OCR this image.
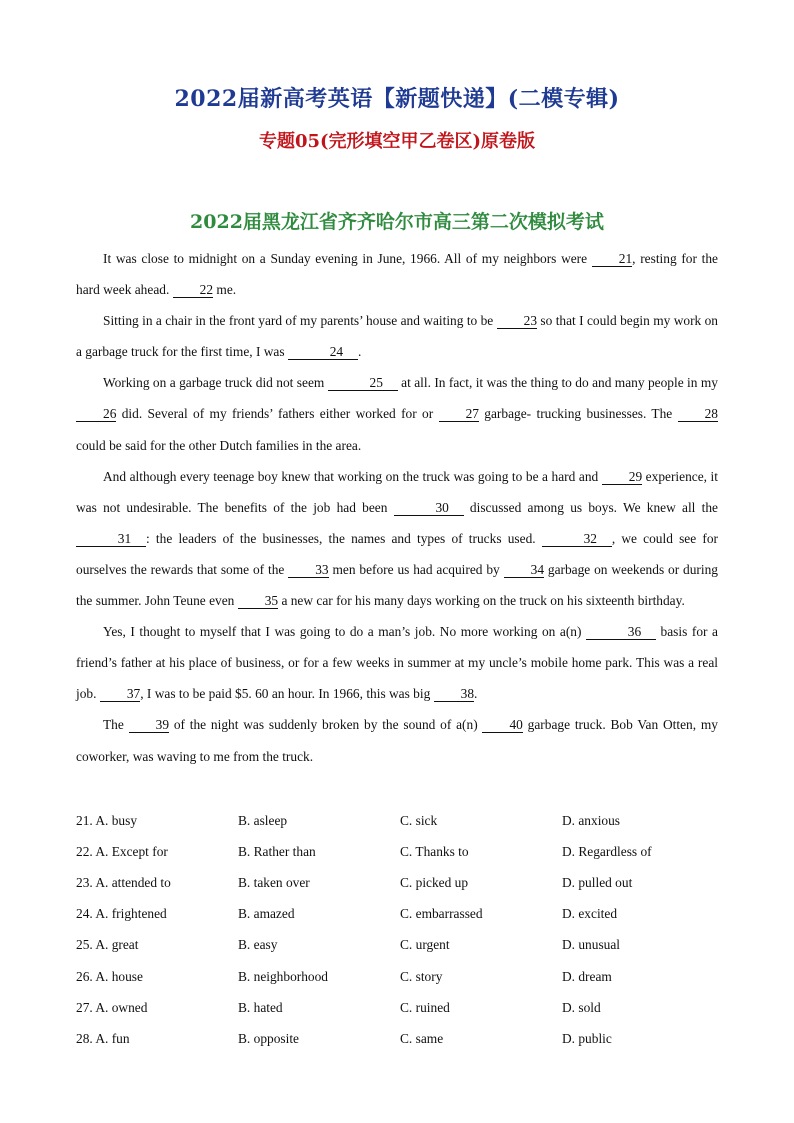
2022届新高考英语【新题快递】(二模专辑)
专题05(完形填空甲乙卷区)原卷版
2022届黑龙江省齐齐哈尔市高三第二次模拟考试

It was close to midnight on a Sunday evening in June, 1966. All of my neighbors were 21, resting for the hard week ahead. 22 me.

Sitting in a chair in the front yard of my parents’ house and waiting to be 23 so that I could begin my work on a garbage truck for the first time, I was	24 .

Working on a garbage truck did not seem	25 at all. In fact, it was the thing to do and many people in my 26 did. Several of my friends’ fathers either worked for or 27 garbage- trucking businesses. The 28 could be said for the other Dutch families in the area.

And although every teenage boy knew that working on the truck was going to be a hard and 29 experience, it was not undesirable. The benefits of the job had been	30 discussed among us boys. We knew all the 31 : the leaders of the businesses, the names and types of trucks used.	32 , we could see for ourselves the rewards that some of the 33 men before us had acquired by 34 garbage on weekends or during the summer. John Teune even 35 a new car for his many days working on the truck on his sixteenth birthday.

Yes, I thought to myself that I was going to do a man’s job. No more working on a(n)	36 basis for a friend’s father at his place of business, or for a few weeks in summer at my uncle’s mobile home park. This was a real job. 37, I was to be paid $5. 60 an hour. In 1966, this was big 38.

The 39 of the night was suddenly broken by the sound of a(n) 40 garbage truck. Bob Van Otten, my coworker, was waving to me from the truck.

21. A. busy	B. asleep	C. sick	D. anxious
22. A. Except for	B. Rather than	C. Thanks to	D. Regardless of
23. A. attended to	B. taken over	C. picked up	D. pulled out
24. A. frightened	B. amazed	C. embarrassed	D. excited
25. A. great	B. easy	C. urgent	D. unusual
26. A. house	B. neighborhood	C. story	D. dream
27. A. owned	B. hated	C. ruined	D. sold
28. A. fun	B. opposite	C. same	D. public
